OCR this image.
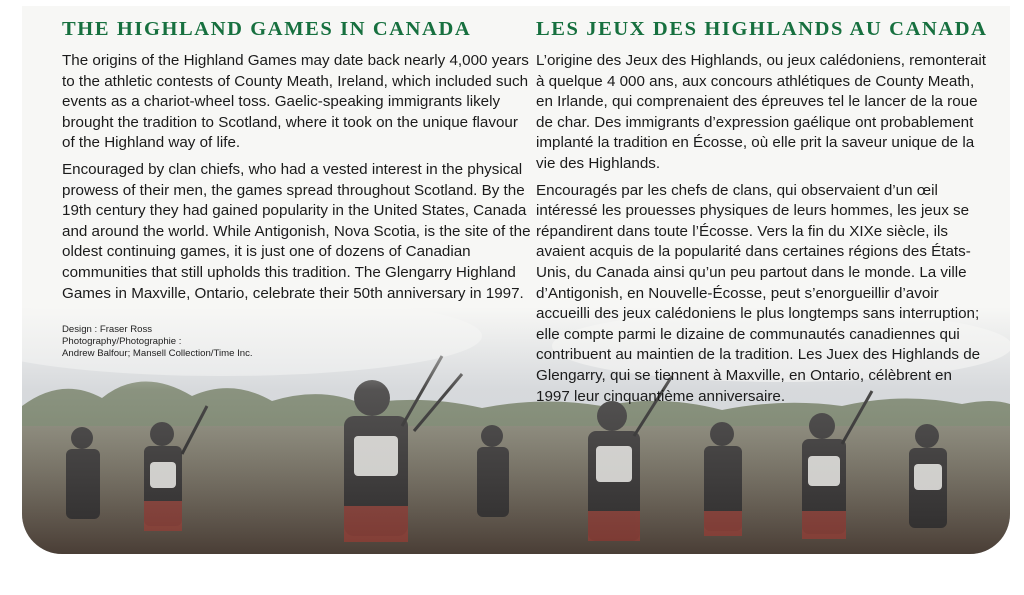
THE HIGHLAND GAMES IN CANADA

The origins of the Highland Games may date back nearly 4,000 years to the athletic contests of County Meath, Ireland, which included such events as a chariot-wheel toss. Gaelic-speaking immigrants likely brought the tradition to Scotland, where it took on the unique flavour of the Highland way of life.

Encouraged by clan chiefs, who had a vested interest in the physical prowess of their men, the games spread throughout Scotland. By the 19th century they had gained popularity in the United States, Canada and around the world. While Antigonish, Nova Scotia, is the site of the oldest continuing games, it is just one of dozens of Canadian communities that still upholds this tradition. The Glengarry Highland Games in Maxville, Ontario, celebrate their 50th anniversary in 1997.

LES JEUX DES HIGHLANDS AU CANADA

L’origine des Jeux des Highlands, ou jeux calédoniens, remonterait à quelque 4 000 ans, aux concours athlétiques de County Meath, en Irlande, qui comprenaient des épreuves tel le lancer de la roue de char. Des immigrants d’expression gaélique ont probablement implanté la tradition en Écosse, où elle prit la saveur unique de la vie des Highlands.

Encouragés par les chefs de clans, qui observaient d’un œil intéressé les prouesses physiques de leurs hommes, les jeux se répandirent dans toute l’Écosse. Vers la fin du XIXe siècle, ils avaient acquis de la popularité dans certaines régions des États-Unis, du Canada ainsi qu’un peu partout dans le monde. La ville d’Antigonish, en Nouvelle-Écosse, peut s’enorgueillir d’avoir accueilli des jeux calédoniens le plus longtemps sans interruption; elle compte parmi le dizaine de communautés canadiennes qui contribuent au maintien de la tradition. Les Juex des Highlands de Glengarry, qui se tiennent à Maxville, en Ontario, célèbrent en 1997 leur cinquantième anniversaire.

Design : Fraser Ross
Photography/Photographie :
Andrew Balfour; Mansell Collection/Time Inc.
